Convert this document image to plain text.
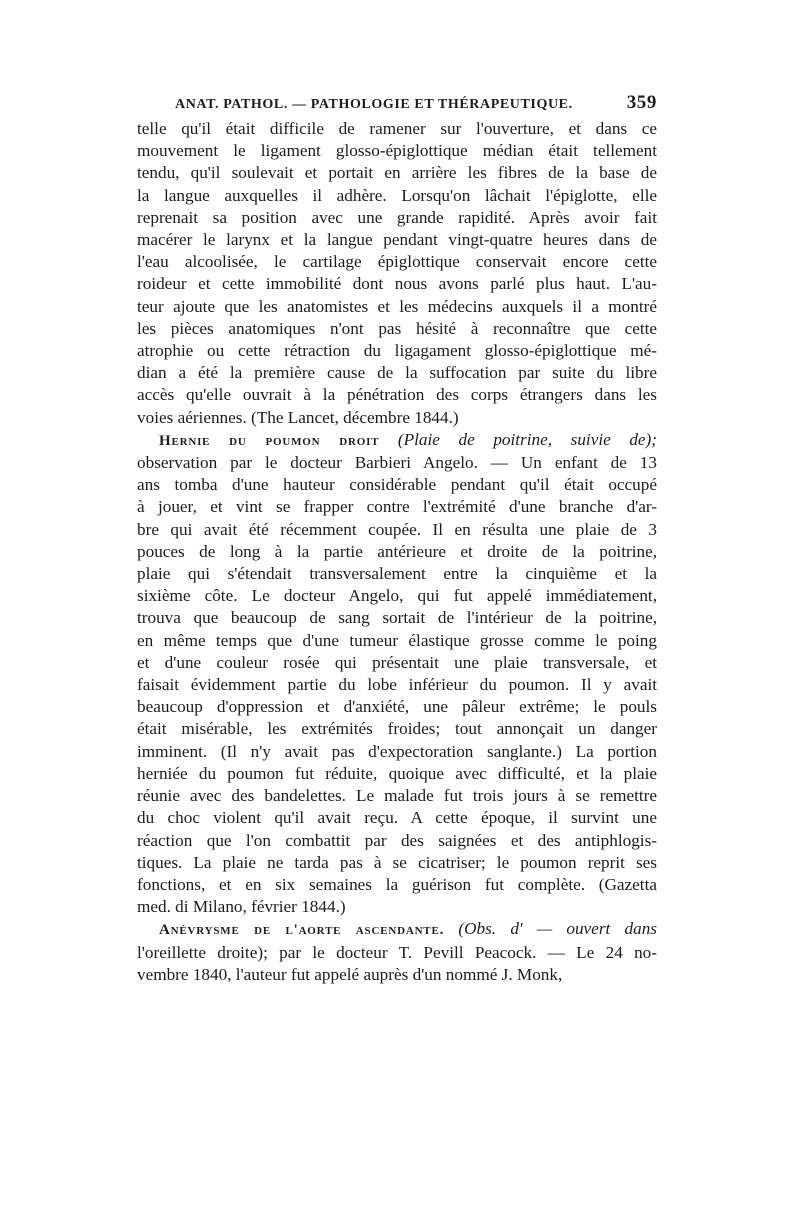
ANAT. PATHOL. — PATHOLOGIE ET THÉRAPEUTIQUE.	359

telle qu'il était difficile de ramener sur l'ouverture, et dans ce
mouvement le ligament glosso-épiglottique médian était tellement
tendu, qu'il soulevait et portait en arrière les fibres de la base de
la langue auxquelles il adhère. Lorsqu'on lâchait l'épiglotte, elle
reprenait sa position avec une grande rapidité. Après avoir fait
macérer le larynx et la langue pendant vingt-quatre heures dans de
l'eau alcoolisée, le cartilage épiglottique conservait encore cette
roideur et cette immobilité dont nous avons parlé plus haut. L'au-
teur ajoute que les anatomistes et les médecins auxquels il a montré
les pièces anatomiques n'ont pas hésité à reconnaître que cette
atrophie ou cette rétraction du ligagament glosso-épiglottique mé-
dian a été la première cause de la suffocation par suite du libre
accès qu'elle ouvrait à la pénétration des corps étrangers dans les
voies aériennes. (The Lancet, décembre 1844.)

Hernie du poumon droit (Plaie de poitrine, suivie de);
observation par le docteur Barbieri Angelo. — Un enfant de 13
ans tomba d'une hauteur considérable pendant qu'il était occupé
à jouer, et vint se frapper contre l'extrémité d'une branche d'ar-
bre qui avait été récemment coupée. Il en résulta une plaie de 3
pouces de long à la partie antérieure et droite de la poitrine,
plaie qui s'étendait transversalement entre la cinquième et la
sixième côte. Le docteur Angelo, qui fut appelé immédiatement,
trouva que beaucoup de sang sortait de l'intérieur de la poitrine,
en même temps que d'une tumeur élastique grosse comme le poing
et d'une couleur rosée qui présentait une plaie transversale, et
faisait évidemment partie du lobe inférieur du poumon. Il y avait
beaucoup d'oppression et d'anxiété, une pâleur extrême; le pouls
était misérable, les extrémités froides; tout annonçait un danger
imminent. (Il n'y avait pas d'expectoration sanglante.) La portion
herniée du poumon fut réduite, quoique avec difficulté, et la plaie
réunie avec des bandelettes. Le malade fut trois jours à se remettre
du choc violent qu'il avait reçu. A cette époque, il survint une
réaction que l'on combattit par des saignées et des antiphlogis-
tiques. La plaie ne tarda pas à se cicatriser; le poumon reprit ses
fonctions, et en six semaines la guérison fut complète. (Gazetta
med. di Milano, février 1844.)

Anévrysme de l'aorte ascendante. (Obs. d' — ouvert dans
l'oreillette droite); par le docteur T. Pevill Peacock. — Le 24 no-
vembre 1840, l'auteur fut appelé auprès d'un nommé J. Monk,
